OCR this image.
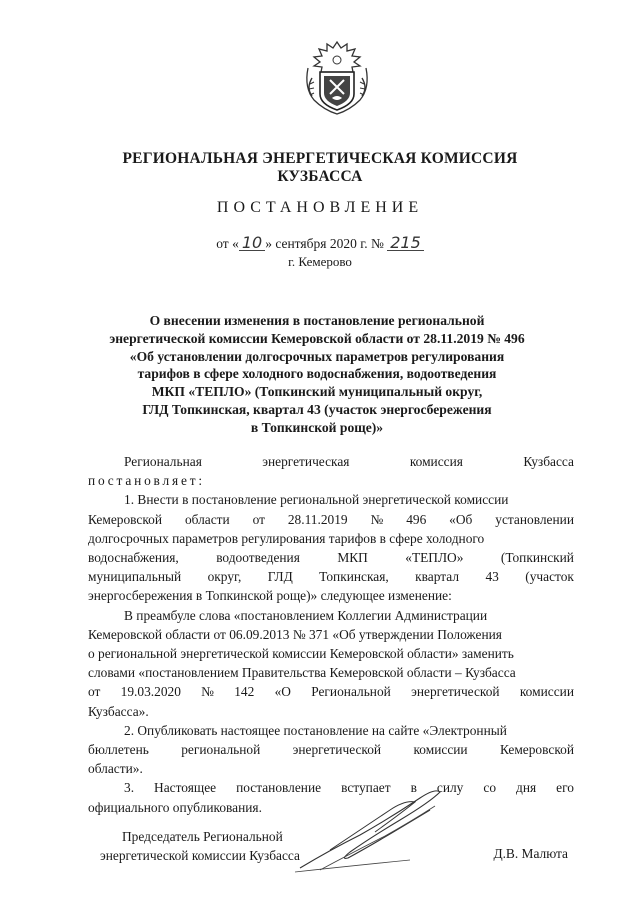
РЕГИОНАЛЬНАЯ ЭНЕРГЕТИЧЕСКАЯ КОМИССИЯ
КУЗБАССА
ПОСТАНОВЛЕНИЕ
от « 10 » сентября 2020 г. № 215
г. Кемерово
О внесении изменения в постановление региональной
энергетической комиссии Кемеровской области от 28.11.2019 № 496
«Об установлении долгосрочных параметров регулирования
тарифов в сфере холодного водоснабжения, водоотведения
МКП «ТЕПЛО» (Топкинский муниципальный округ,
ГЛД Топкинская, квартал 43 (участок энергосбережения
в Топкинской роще)»
Региональная	энергетическая	комиссия	Кузбасса
постановляет:
1. Внести в постановление региональной энергетической комиссии
Кемеровской области от 28.11.2019 № 496 «Об установлении
долгосрочных параметров регулирования тарифов в сфере холодного
водоснабжения,	водоотведения	МКП	«ТЕПЛО»	(Топкинский
муниципальный округ, ГЛД Топкинская, квартал 43 (участок
энергосбережения в Топкинской роще)» следующее изменение:
В преамбуле слова «постановлением Коллегии Администрации
Кемеровской области от 06.09.2013 № 371 «Об утверждении Положения
о региональной энергетической комиссии Кемеровской области» заменить
словами «постановлением Правительства Кемеровской области – Кузбасса
от 19.03.2020 № 142 «О Региональной энергетической комиссии
Кузбасса».
2. Опубликовать настоящее постановление на сайте «Электронный
бюллетень региональной энергетической комиссии Кемеровской
области».
3. Настоящее постановление вступает в силу со дня его
официального опубликования.
Председатель Региональной
энергетической комиссии Кузбасса	Д.В. Малюта
